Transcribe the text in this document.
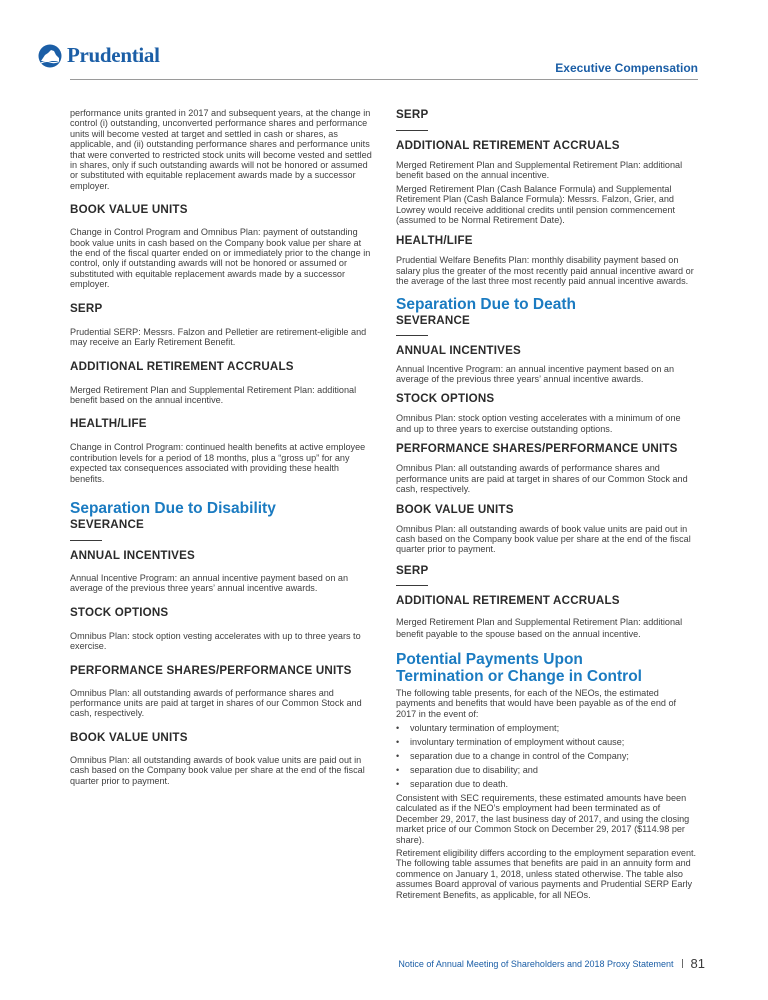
Prudential
Executive Compensation

performance units granted in 2017 and subsequent years, at the change in control (i) outstanding, unconverted performance shares and performance units will become vested at target and settled in cash or shares, as applicable, and (ii) outstanding performance shares and performance units that were converted to restricted stock units will become vested and settled in shares, only if such outstanding awards will not be honored or assumed or substituted with equitable replacement awards made by a successor employer.

BOOK VALUE UNITS

Change in Control Program and Omnibus Plan: payment of outstanding book value units in cash based on the Company book value per share at the end of the fiscal quarter ended on or immediately prior to the change in control, only if outstanding awards will not be honored or assumed or substituted with equitable replacement awards made by a successor employer.

SERP

Prudential SERP: Messrs. Falzon and Pelletier are retirement-eligible and may receive an Early Retirement Benefit.

ADDITIONAL RETIREMENT ACCRUALS

Merged Retirement Plan and Supplemental Retirement Plan: additional benefit based on the annual incentive.

HEALTH/LIFE

Change in Control Program: continued health benefits at active employee contribution levels for a period of 18 months, plus a “gross up” for any expected tax consequences associated with providing these health benefits.

Separation Due to Disability
SEVERANCE
ANNUAL INCENTIVES

Annual Incentive Program: an annual incentive payment based on an average of the previous three years’ annual incentive awards.

STOCK OPTIONS

Omnibus Plan: stock option vesting accelerates with up to three years to exercise.

PERFORMANCE SHARES/PERFORMANCE UNITS

Omnibus Plan: all outstanding awards of performance shares and performance units are paid at target in shares of our Common Stock and cash, respectively.

BOOK VALUE UNITS

Omnibus Plan: all outstanding awards of book value units are paid out in cash based on the Company book value per share at the end of the fiscal quarter prior to payment.

SERP
ADDITIONAL RETIREMENT ACCRUALS

Merged Retirement Plan and Supplemental Retirement Plan: additional benefit based on the annual incentive.

Merged Retirement Plan (Cash Balance Formula) and Supplemental Retirement Plan (Cash Balance Formula): Messrs. Falzon, Grier, and Lowrey would receive additional credits until pension commencement (assumed to be Normal Retirement Date).

HEALTH/LIFE

Prudential Welfare Benefits Plan: monthly disability payment based on salary plus the greater of the most recently paid annual incentive award or the average of the last three most recently paid annual incentive awards.

Separation Due to Death
SEVERANCE
ANNUAL INCENTIVES

Annual Incentive Program: an annual incentive payment based on an average of the previous three years’ annual incentive awards.

STOCK OPTIONS

Omnibus Plan: stock option vesting accelerates with a minimum of one and up to three years to exercise outstanding options.

PERFORMANCE SHARES/PERFORMANCE UNITS

Omnibus Plan: all outstanding awards of performance shares and performance units are paid at target in shares of our Common Stock and cash, respectively.

BOOK VALUE UNITS

Omnibus Plan: all outstanding awards of book value units are paid out in cash based on the Company book value per share at the end of the fiscal quarter prior to payment.

SERP
ADDITIONAL RETIREMENT ACCRUALS

Merged Retirement Plan and Supplemental Retirement Plan: additional benefit payable to the spouse based on the annual incentive.

Potential Payments Upon
Termination or Change in Control

The following table presents, for each of the NEOs, the estimated payments and benefits that would have been payable as of the end of 2017 in the event of:

• voluntary termination of employment;
• involuntary termination of employment without cause;
• separation due to a change in control of the Company;
• separation due to disability; and
• separation due to death.

Consistent with SEC requirements, these estimated amounts have been calculated as if the NEO’s employment had been terminated as of December 29, 2017, the last business day of 2017, and using the closing market price of our Common Stock on December 29, 2017 ($114.98 per share).

Retirement eligibility differs according to the employment separation event. The following table assumes that benefits are paid in an annuity form and commence on January 1, 2018, unless stated otherwise. The table also assumes Board approval of various payments and Prudential SERP Early Retirement Benefits, as applicable, for all NEOs.

Notice of Annual Meeting of Shareholders and 2018 Proxy Statement 81
